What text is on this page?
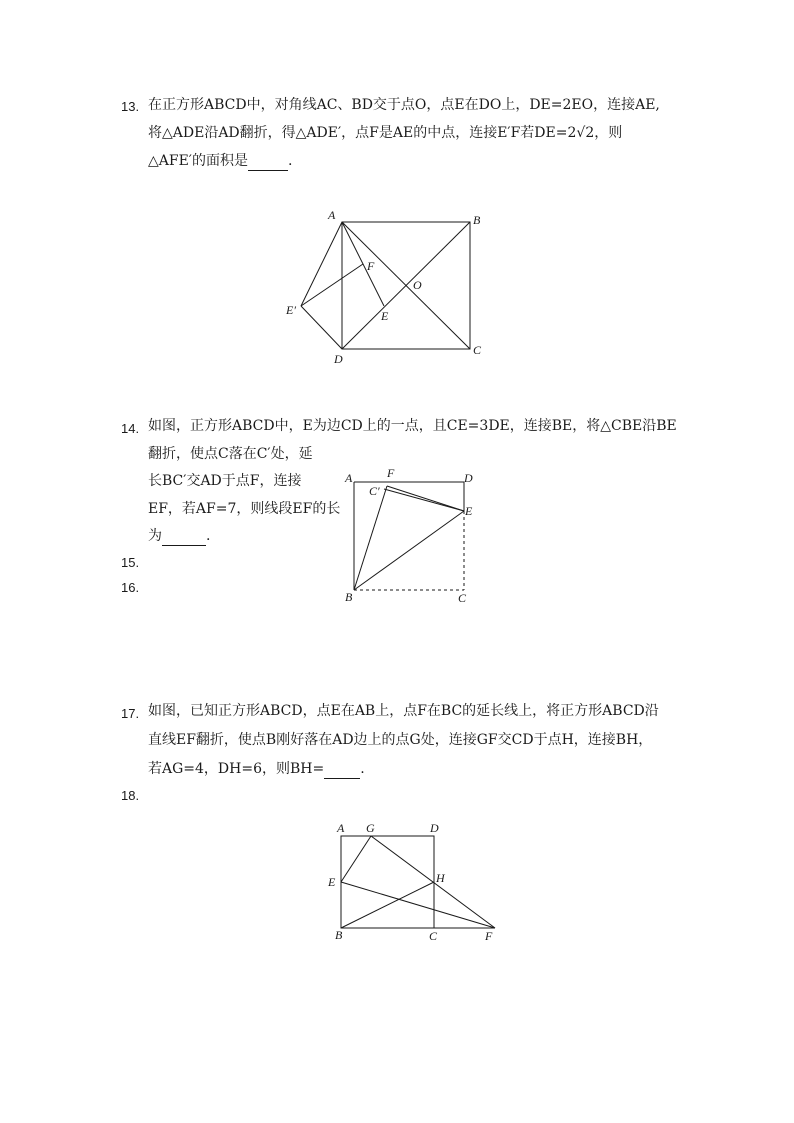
13. 在正方形ABCD中，对角线AC、BD交于点O，点E在DO上，DE=2EO，连接AE,
将△ADE沿AD翻折，得△ADE′，点F是AE的中点，连接E′F若DE=2√2，则
△AFE′的面积是	.
A	B
C
D
E
E′
F
O
14. 如图，正方形ABCD中，E为边CD上的一点，且CE=3DE，连接BE，将△CBE沿BE
翻折，使点C落在C′处，延
长BC′交AD于点F，连接
EF，若AF=7，则线段EF的长
为	.
15.
16.
A	F	D
C′
E
B	C
17. 如图，已知正方形ABCD，点E在AB上，点F在BC的延长线上，将正方形ABCD沿
直线EF翻折，使点B刚好落在AD边上的点G处，连接GF交CD于点H，连接BH，
若AG=4，DH=6，则BH=	.
18.
A G	D
E	H
B	C	F
